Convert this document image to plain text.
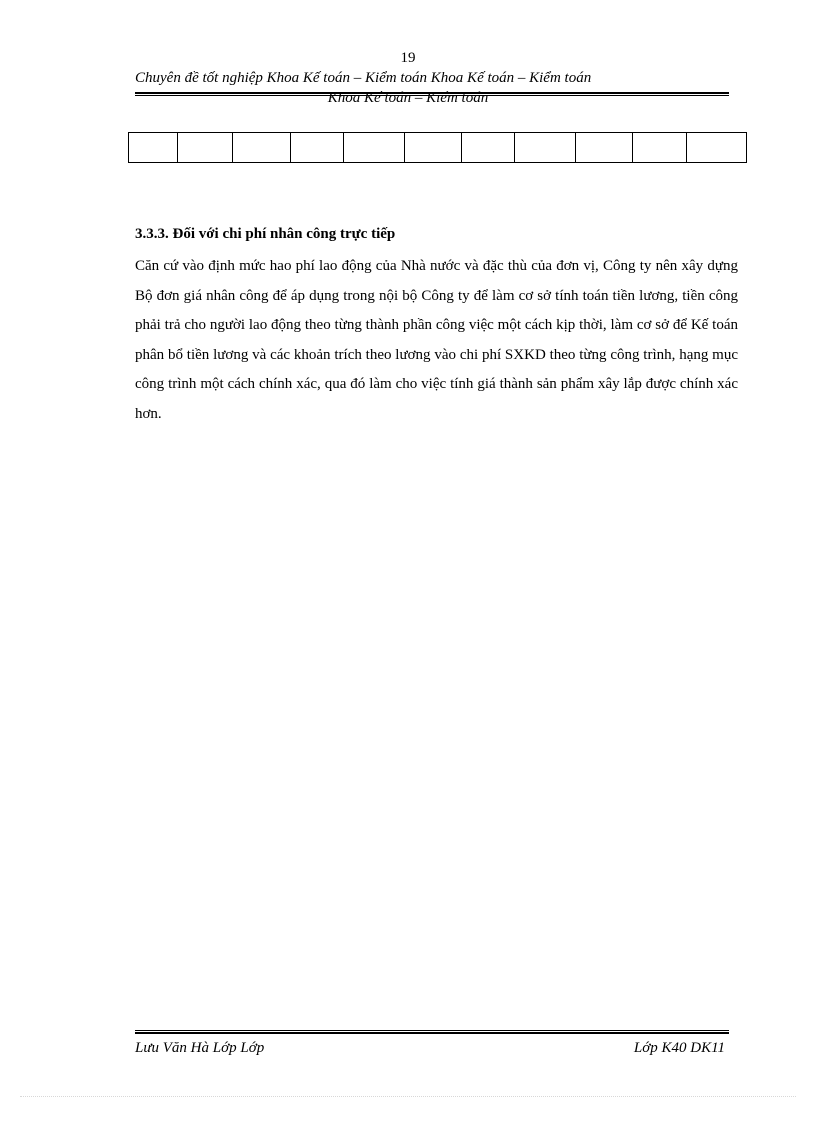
19
Chuyên đề tốt nghiệp Khoa Kế toán – Kiểm toán Khoa Kế toán – Kiểm toán
Khoa Kế toán – Kiểm toán

3.3.3. Đối với chi phí nhân công trực tiếp
Căn cứ vào định mức hao phí lao động của Nhà nước và đặc thù của đơn vị, Công ty nên xây dựng Bộ đơn giá nhân công để áp dụng trong nội bộ Công ty để làm cơ sở tính toán tiền lương, tiền công phải trả cho người lao động theo từng thành phần công việc một cách kịp thời, làm cơ sở để Kế toán phân bổ tiền lương và các khoản trích theo lương vào chi phí SXKD theo từng công trình, hạng mục công trình một cách chính xác, qua đó làm cho việc tính giá thành sản phẩm xây lắp được chính xác hơn.
Lưu Văn Hà Lớp Lớp	Lớp K40 DK11
